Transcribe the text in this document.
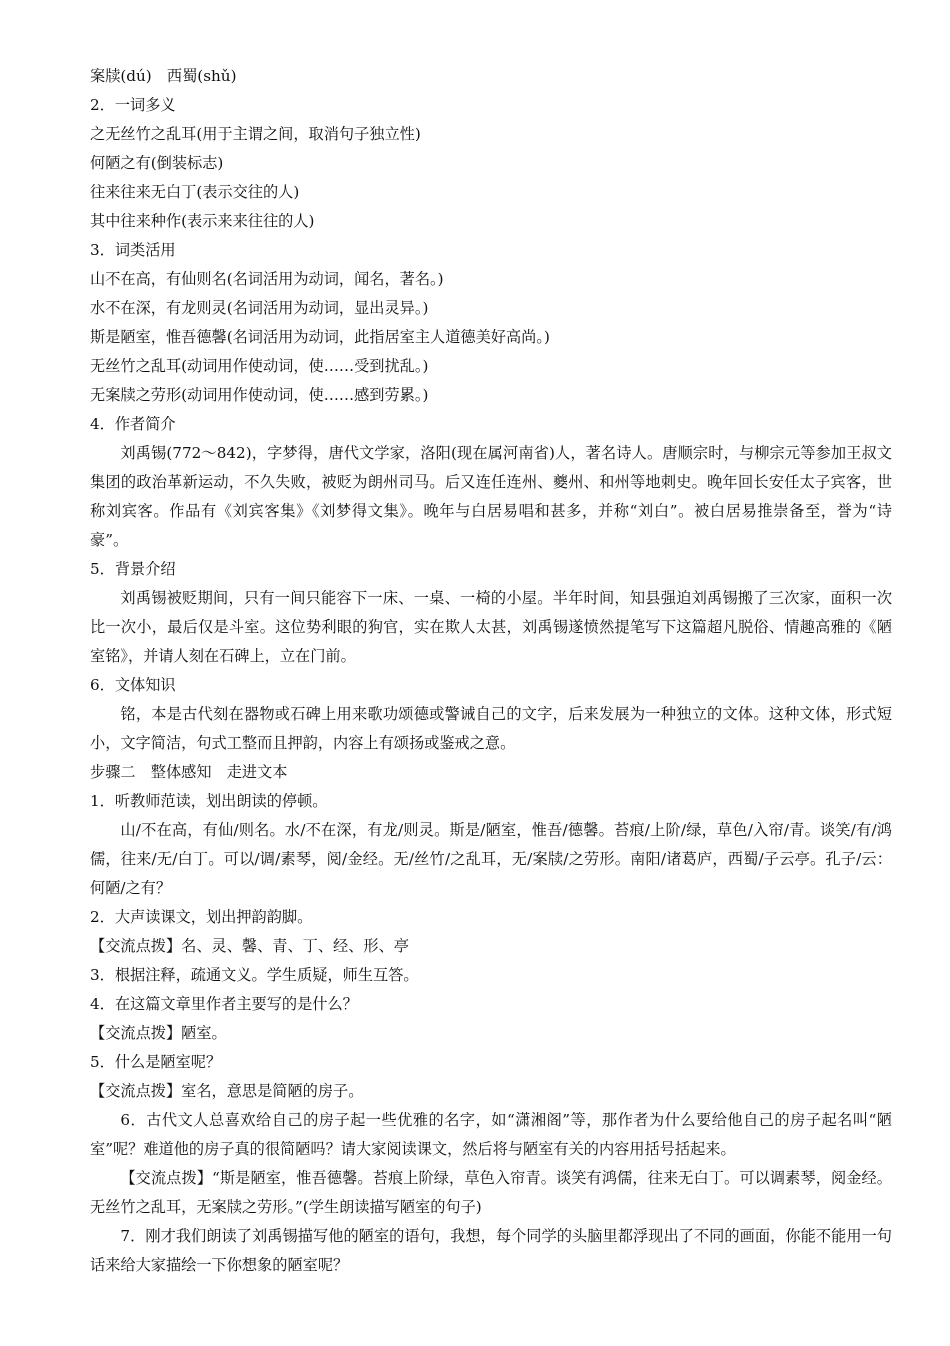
案牍(dú)　西蜀(shǔ)
2．一词多义
之无丝竹之乱耳(用于主谓之间，取消句子独立性)
何陋之有(倒装标志)
往来往来无白丁(表示交往的人)
其中往来种作(表示来来往往的人)
3．词类活用
山不在高，有仙则名(名词活用为动词，闻名，著名。)
水不在深，有龙则灵(名词活用为动词，显出灵异。)
斯是陋室，惟吾德馨(名词活用为动词，此指居室主人道德美好高尚。)
无丝竹之乱耳(动词用作使动词，使……受到扰乱。)
无案牍之劳形(动词用作使动词，使……感到劳累。)
4．作者简介
刘禹锡(772～842)，字梦得，唐代文学家，洛阳(现在属河南省)人，著名诗人。唐顺宗时，与柳宗元等参加王叔文集团的政治革新运动，不久失败，被贬为朗州司马。后又连任连州、夔州、和州等地刺史。晚年回长安任太子宾客，世称刘宾客。作品有《刘宾客集》《刘梦得文集》。晚年与白居易唱和甚多，并称“刘白”。被白居易推崇备至，誉为“诗豪”。
5．背景介绍
刘禹锡被贬期间，只有一间只能容下一床、一桌、一椅的小屋。半年时间，知县强迫刘禹锡搬了三次家，面积一次比一次小，最后仅是斗室。这位势利眼的狗官，实在欺人太甚，刘禹锡遂愤然提笔写下这篇超凡脱俗、情趣高雅的《陋室铭》，并请人刻在石碑上，立在门前。
6．文体知识
铭，本是古代刻在器物或石碑上用来歌功颂德或警诫自己的文字，后来发展为一种独立的文体。这种文体，形式短小，文字简洁，句式工整而且押韵，内容上有颂扬或鉴戒之意。
步骤二　整体感知　走进文本
1．听教师范读，划出朗读的停顿。
山/不在高，有仙/则名。水/不在深，有龙/则灵。斯是/陋室，惟吾/德馨。苔痕/上阶/绿，草色/入帘/青。谈笑/有/鸿儒，往来/无/白丁。可以/调/素琴，阅/金经。无/丝竹/之乱耳，无/案牍/之劳形。南阳/诸葛庐，西蜀/子云亭。孔子/云：何陋/之有？
2．大声读课文，划出押韵韵脚。
【交流点拨】名、灵、馨、青、丁、经、形、亭
3．根据注释，疏通文义。学生质疑，师生互答。
4．在这篇文章里作者主要写的是什么？
【交流点拨】陋室。
5．什么是陋室呢？
【交流点拨】室名，意思是简陋的房子。
6．古代文人总喜欢给自己的房子起一些优雅的名字，如“潇湘阁”等，那作者为什么要给他自己的房子起名叫“陋室”呢？难道他的房子真的很简陋吗？请大家阅读课文，然后将与陋室有关的内容用括号括起来。
【交流点拨】“斯是陋室，惟吾德馨。苔痕上阶绿，草色入帘青。谈笑有鸿儒，往来无白丁。可以调素琴，阅金经。无丝竹之乱耳，无案牍之劳形。”(学生朗读描写陋室的句子)
7．刚才我们朗读了刘禹锡描写他的陋室的语句，我想，每个同学的头脑里都浮现出了不同的画面，你能不能用一句话来给大家描绘一下你想象的陋室呢？
